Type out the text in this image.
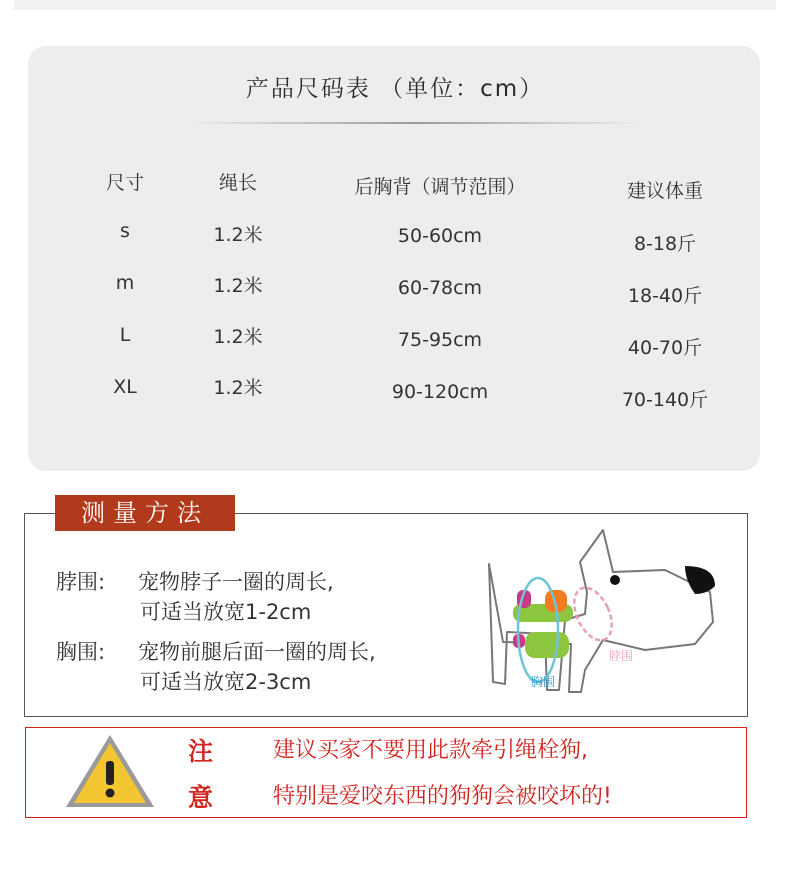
产品尺码表 （单位：cm）
尺寸	绳长	后胸背（调节范围）	建议体重
s	1.2米	50-60cm	8-18斤
m	1.2米	60-78cm	18-40斤
L	1.2米	75-95cm	40-70斤
XL	1.2米	90-120cm	70-140斤
测量方法
脖围: 宠物脖子一圈的周长,
可适当放宽1-2cm
胸围: 宠物前腿后面一圈的周长,
可适当放宽2-3cm
脖围
胸围
注
意
建议买家不要用此款牵引绳栓狗,
特别是爱咬东西的狗狗会被咬坏的!
